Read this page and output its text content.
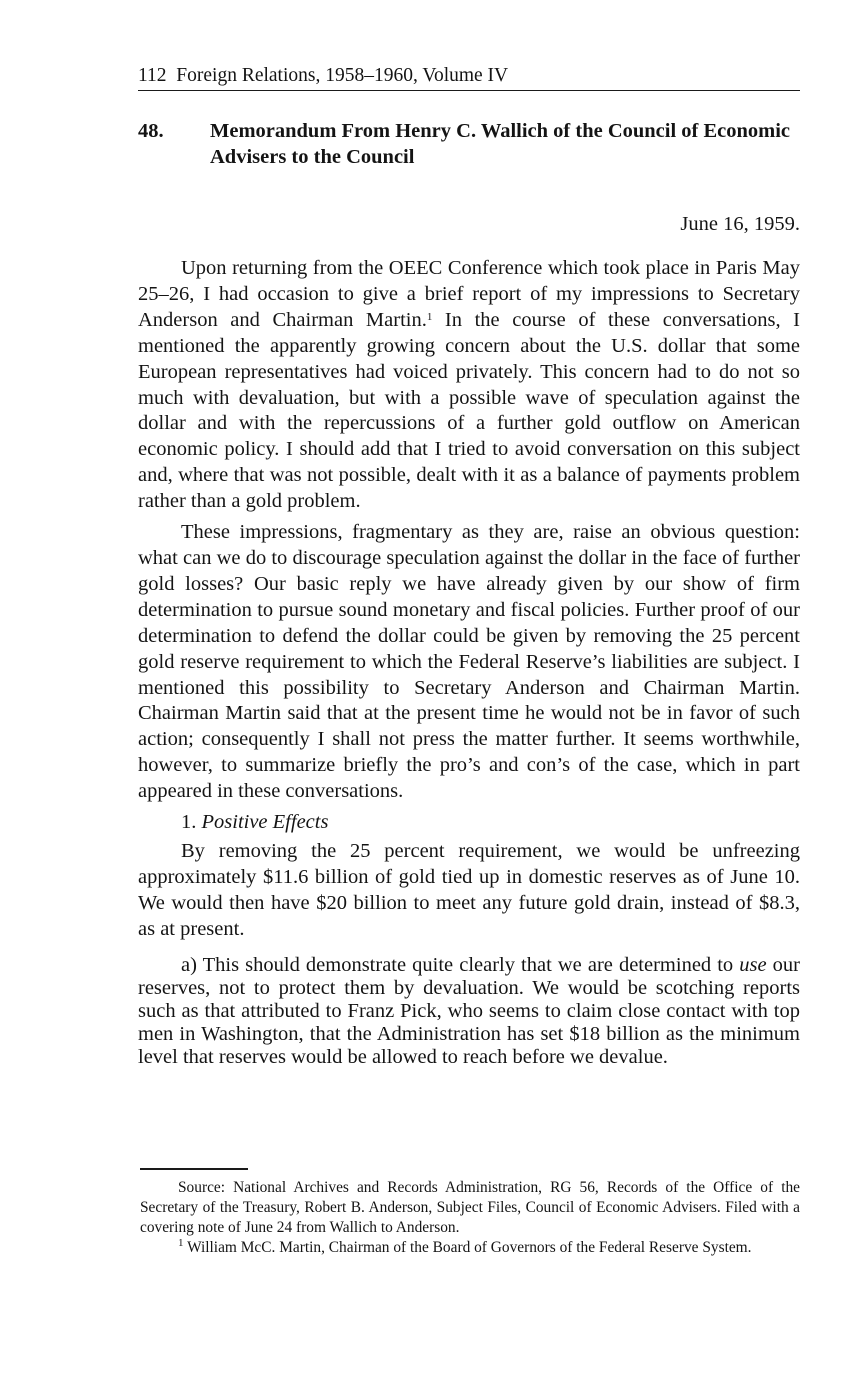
112 Foreign Relations, 1958–1960, Volume IV
48. Memorandum From Henry C. Wallich of the Council of Economic Advisers to the Council
June 16, 1959.

Upon returning from the OEEC Conference which took place in Paris May 25–26, I had occasion to give a brief report of my impressions to Secretary Anderson and Chairman Martin.$^1$ In the course of these conversations, I mentioned the apparently growing concern about the U.S. dollar that some European representatives had voiced privately. This concern had to do not so much with devaluation, but with a possible wave of speculation against the dollar and with the repercussions of a further gold outflow on American economic policy. I should add that I tried to avoid conversation on this subject and, where that was not possible, dealt with it as a balance of payments problem rather than a gold problem.

These impressions, fragmentary as they are, raise an obvious question: what can we do to discourage speculation against the dollar in the face of further gold losses? Our basic reply we have already given by our show of firm determination to pursue sound monetary and fiscal policies. Further proof of our determination to defend the dollar could be given by removing the 25 percent gold reserve requirement to which the Federal Reserve’s liabilities are subject. I mentioned this possibility to Secretary Anderson and Chairman Martin. Chairman Martin said that at the present time he would not be in favor of such action; consequently I shall not press the matter further. It seems worthwhile, however, to summarize briefly the pro’s and con’s of the case, which in part appeared in these conversations.

1. Positive Effects

By removing the 25 percent requirement, we would be unfreezing approximately $11.6 billion of gold tied up in domestic reserves as of June 10. We would then have $20 billion to meet any future gold drain, instead of $8.3, as at present.

a) This should demonstrate quite clearly that we are determined to use our reserves, not to protect them by devaluation. We would be scotching reports such as that attributed to Franz Pick, who seems to claim close contact with top men in Washington, that the Administration has set $18 billion as the minimum level that reserves would be allowed to reach before we devalue.

Source: National Archives and Records Administration, RG 56, Records of the Office of the Secretary of the Treasury, Robert B. Anderson, Subject Files, Council of Economic Advisers. Filed with a covering note of June 24 from Wallich to Anderson.

$^1$ William McC. Martin, Chairman of the Board of Governors of the Federal Reserve System.
